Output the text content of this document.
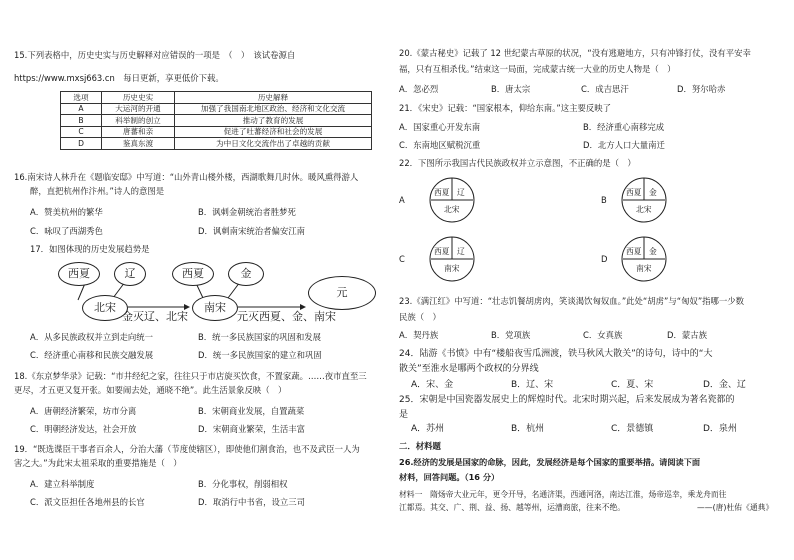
15.下列表格中，历史史实与历史解释对应错误的一项是　（　）　该试卷源自
https://www.mxsj663.cn　每日更新，享更低价下载。
选项	历史史实	历史解释
A	大运河的开通	加强了我国南北地区政治、经济和文化交流
B	科举制的创立	推动了教育的发展
C	唐蕃和亲	促进了吐蕃经济和社会的发展
D	鉴真东渡	为中日文化交流作出了卓越的贡献
16.南宋诗人林升在《题临安邸》中写道：“山外青山楼外楼，西湖歌舞几时休。暖风熏得游人
醉，直把杭州作汴州。”诗人的意图是
A．赞美杭州的繁华	B．讽刺金朝统治者胜梦死
C．咏叹了西湖秀色	D．讽刺南宋统治者偏安江南
17．如图体现的历史发展趋势是
西夏	辽
北宋
西夏	金
南宋
元
金灭辽、北宋	元灭西夏、金、南宋
A．从多民族政权并立到走向统一	B．统一多民族国家的巩固和发展
C．经济重心南移和民族交融发展	D．统一多民族国家的建立和巩固
18.《东京梦华录》记载：“市井经纪之家，往往只于市店旋买饮食，不置家蔬。……夜市直至三
更尽，才五更又复开张。如要闹去处，通晓不绝”。此生活景象反映（　）
A．唐朝经济繁荣，坊市分离	B．宋朝商业发展，自置蔬菜
C．明朝经济发达，社会开放	D．宋朝商业繁荣，生活丰富
19．“既选谍臣干事者百余人，分治大藩（节度使辖区），即使他们割食治，也不及武臣一人为
害之大。”为此宋太祖采取的重要措施是（　）
A．建立科举制度	B．分化事权，削弱相权
C．派文臣担任各地州县的长官	D．取消行中书省，设立三司
20.《蒙古秘史》记载了 12 世纪蒙古草原的状况，“没有逃避地方，只有冲锋打仗，没有平安幸
福，只有互相杀伐。”结束这一局面，完成蒙古统一大业的历史人物是（　）
A．忽必烈	B．唐太宗	C．成吉思汗	D．努尔哈赤
21．《宋史》记载：“国家根本，仰给东南。”这主要反映了
A．国家重心开发东南	B．经济重心南移完成
C．东南地区赋税沉重	D．北方人口大量南迁
22．下图所示我国古代民族政权并立示意图，不正确的是（　）
A
西夏 辽
北宋
B
西夏 金
北宋
C
西夏 辽
南宋
D
西夏 金
南宋
23.《满江红》中写道：“壮志饥餐胡虏肉，笑谈渴饮匈奴血。”此处“胡虏”与“匈奴”指哪一少数
民族（　）
A．契丹族	B．党项族	C．女真族	D．蒙古族
24．陆游《书愤》中有“楼船夜雪瓜洲渡，铁马秋风大散关”的诗句，诗中的“大
散关”至淮水是哪两个政权的分界线
A．宋、金	B．辽、宋	C．夏、宋	D．金、辽
25．宋朝是中国瓷器发展史上的辉煌时代。北宋时期兴起，后来发展成为著名瓷都的
是
A．苏州	B．杭州	C．景德镇	D．泉州
二．材料题
26.经济的发展是国家的命脉，因此，发展经济是每个国家的重要举措。请阅读下面
材料，回答问题。（16 分）
材料一　隋炀帝大业元年，更令开导，名通济渠，西通河洛，南达江淮，炀帝巡幸，乘龙舟而往
江都焉。其交、广、荆、益、扬、越等州，运漕商旅，往来不绝。	——(唐)杜佑《通典》
